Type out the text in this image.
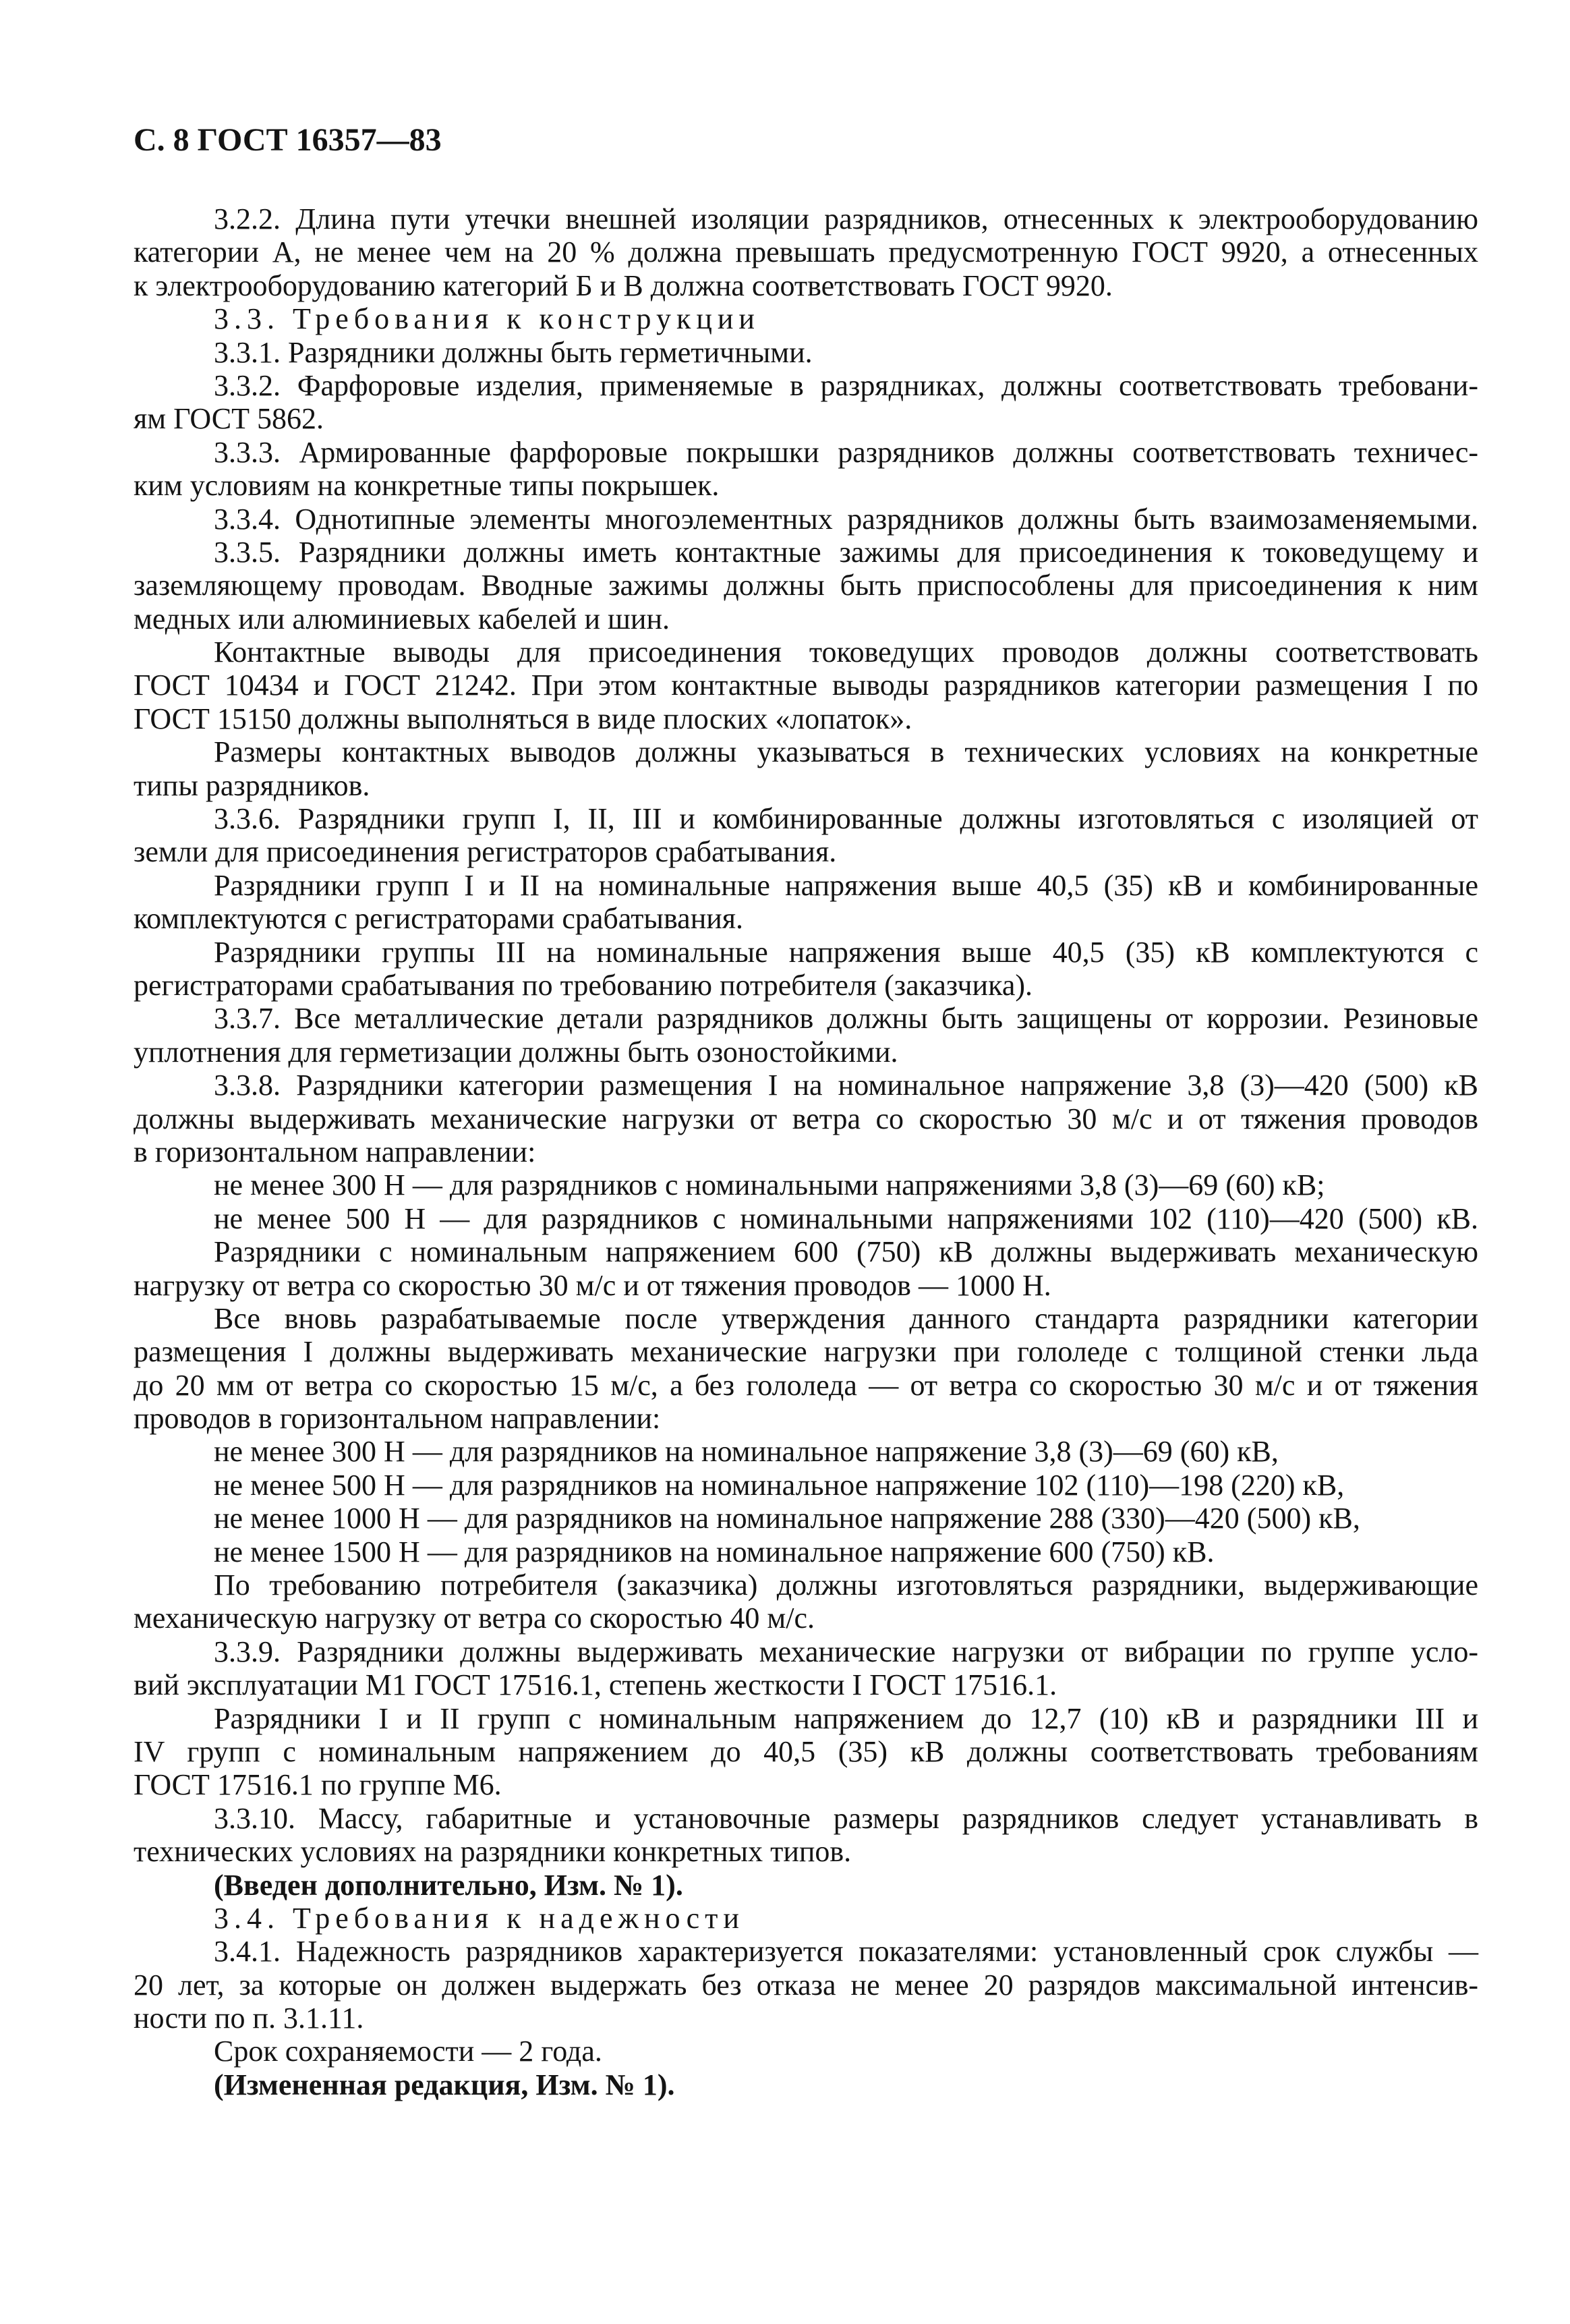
С. 8 ГОСТ 16357—83
3.2.2. Длина пути утечки внешней изоляции разрядников, отнесенных к электрооборудованию
категории А, не менее чем на 20 % должна превышать предусмотренную ГОСТ 9920, а отнесенных
к электрооборудованию категорий Б и В должна соответствовать ГОСТ 9920.
3.3. Требования к конструкции
3.3.1. Разрядники должны быть герметичными.
3.3.2. Фарфоровые изделия, применяемые в разрядниках, должны соответствовать требовани-
ям ГОСТ 5862.
3.3.3. Армированные фарфоровые покрышки разрядников должны соответствовать техничес-
ким условиям на конкретные типы покрышек.
3.3.4. Однотипные элементы многоэлементных разрядников должны быть взаимозаменяемыми.
3.3.5. Разрядники должны иметь контактные зажимы для присоединения к токоведущему и
заземляющему проводам. Вводные зажимы должны быть приспособлены для присоединения к ним
медных или алюминиевых кабелей и шин.
Контактные выводы для присоединения токоведущих проводов должны соответствовать
ГОСТ 10434 и ГОСТ 21242. При этом контактные выводы разрядников категории размещения I по
ГОСТ 15150 должны выполняться в виде плоских «лопаток».
Размеры контактных выводов должны указываться в технических условиях на конкретные
типы разрядников.
3.3.6. Разрядники групп I, II, III и комбинированные должны изготовляться с изоляцией от
земли для присоединения регистраторов срабатывания.
Разрядники групп I и II на номинальные напряжения выше 40,5 (35) кВ и комбинированные
комплектуются с регистраторами срабатывания.
Разрядники группы III на номинальные напряжения выше 40,5 (35) кВ комплектуются с
регистраторами срабатывания по требованию потребителя (заказчика).
3.3.7. Все металлические детали разрядников должны быть защищены от коррозии. Резиновые
уплотнения для герметизации должны быть озоностойкими.
3.3.8. Разрядники категории размещения I на номинальное напряжение 3,8 (3)—420 (500) кВ
должны выдерживать механические нагрузки от ветра со скоростью 30 м/с и от тяжения проводов
в горизонтальном направлении:
не менее 300 Н — для разрядников с номинальными напряжениями 3,8 (3)—69 (60) кВ;
не менее 500 Н — для разрядников с номинальными напряжениями 102 (110)—420 (500) кВ.
Разрядники с номинальным напряжением 600 (750) кВ должны выдерживать механическую
нагрузку от ветра со скоростью 30 м/с и от тяжения проводов — 1000 Н.
Все вновь разрабатываемые после утверждения данного стандарта разрядники категории
размещения I должны выдерживать механические нагрузки при гололеде с толщиной стенки льда
до 20 мм от ветра со скоростью 15 м/с, а без гололеда — от ветра со скоростью 30 м/с и от тяжения
проводов в горизонтальном направлении:
не менее 300 Н — для разрядников на номинальное напряжение 3,8 (3)—69 (60) кВ,
не менее 500 Н — для разрядников на номинальное напряжение 102 (110)—198 (220) кВ,
не менее 1000 Н — для разрядников на номинальное напряжение 288 (330)—420 (500) кВ,
не менее 1500 Н — для разрядников на номинальное напряжение 600 (750) кВ.
По требованию потребителя (заказчика) должны изготовляться разрядники, выдерживающие
механическую нагрузку от ветра со скоростью 40 м/с.
3.3.9. Разрядники должны выдерживать механические нагрузки от вибрации по группе усло-
вий эксплуатации М1 ГОСТ 17516.1, степень жесткости I ГОСТ 17516.1.
Разрядники I и II групп с номинальным напряжением до 12,7 (10) кВ и разрядники III и
IV групп с номинальным напряжением до 40,5 (35) кВ должны соответствовать требованиям
ГОСТ 17516.1 по группе М6.
3.3.10. Массу, габаритные и установочные размеры разрядников следует устанавливать в
технических условиях на разрядники конкретных типов.
(Введен дополнительно, Изм. № 1).
3.4. Требования к надежности
3.4.1. Надежность разрядников характеризуется показателями: установленный срок службы —
20 лет, за которые он должен выдержать без отказа не менее 20 разрядов максимальной интенсив-
ности по п. 3.1.11.
Срок сохраняемости — 2 года.
(Измененная редакция, Изм. № 1).
